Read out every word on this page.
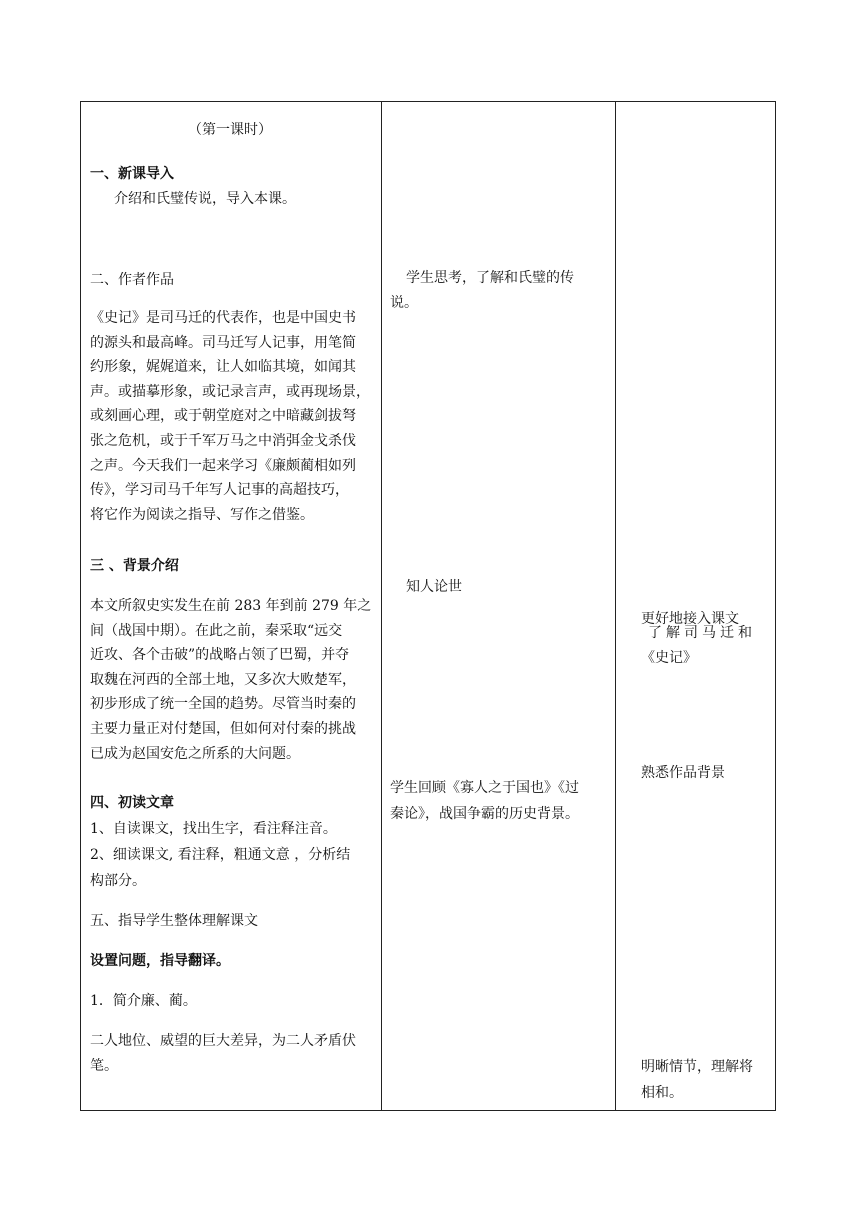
（第一课时）
一、新课导入
介绍和氏璧传说，导入本课。
二、作者作品
《史记》是司马迁的代表作，也是中国史书
的源头和最高峰。司马迁写人记事，用笔简
约形象，娓娓道来，让人如临其境，如闻其
声。或描摹形象，或记录言声，或再现场景，
或刻画心理，或于朝堂庭对之中暗藏剑拔弩
张之危机，或于千军万马之中消弭金戈杀伐
之声。今天我们一起来学习《廉颇蔺相如列
传》，学习司马千年写人记事的高超技巧，
将它作为阅读之指导、写作之借鉴。
三 、背景介绍
本文所叙史实发生在前 283 年到前 279 年之
间（战国中期）。在此之前，秦采取“远交
近攻、各个击破”的战略占领了巴蜀，并夺
取魏在河西的全部土地，又多次大败楚军，
初步形成了统一全国的趋势。尽管当时秦的
主要力量正对付楚国，但如何对付秦的挑战
已成为赵国安危之所系的大问题。
四、初读文章
1、自读课文，找出生字，看注释注音。
2、细读课文, 看注释，粗通文意 ，分析结
构部分。
五、指导学生整体理解课文
设置问题，指导翻译。
1．简介廉、蔺。
二人地位、威望的巨大差异，为二人矛盾伏
笔。
学生思考，了解和氏璧的传
说。
知人论世
学生回顾《寡人之于国也》《过
秦论》，战国争霸的历史背景。
更好地接入课文
了解司马迁和
《史记》
熟悉作品背景
明晰情节，理解将
相和。
